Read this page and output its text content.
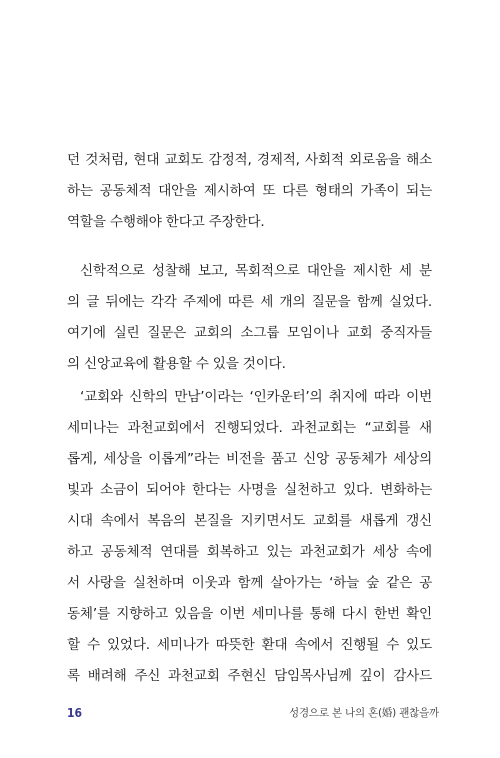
던 것처럼, 현대 교회도 감정적, 경제적, 사회적 외로움을 해소
하는 공동체적 대안을 제시하여 또 다른 형태의 가족이 되는
역할을 수행해야 한다고 주장한다.
신학적으로 성찰해 보고, 목회적으로 대안을 제시한 세 분
의 글 뒤에는 각각 주제에 따른 세 개의 질문을 함께 실었다.
여기에 실린 질문은 교회의 소그룹 모임이나 교회 중직자들
의 신앙교육에 활용할 수 있을 것이다.
‘교회와 신학의 만남’이라는 ‘인카운터’의 취지에 따라 이번
세미나는 과천교회에서 진행되었다. 과천교회는 “교회를 새
롭게, 세상을 이롭게”라는 비전을 품고 신앙 공동체가 세상의
빛과 소금이 되어야 한다는 사명을 실천하고 있다. 변화하는
시대 속에서 복음의 본질을 지키면서도 교회를 새롭게 갱신
하고 공동체적 연대를 회복하고 있는 과천교회가 세상 속에
서 사랑을 실천하며 이웃과 함께 살아가는 ‘하늘 숲 같은 공
동체’를 지향하고 있음을 이번 세미나를 통해 다시 한번 확인
할 수 있었다. 세미나가 따뜻한 환대 속에서 진행될 수 있도
록 배려해 주신 과천교회 주현신 담임목사님께 깊이 감사드
16	성경으로 본 나의 혼(婚) 괜찮을까
